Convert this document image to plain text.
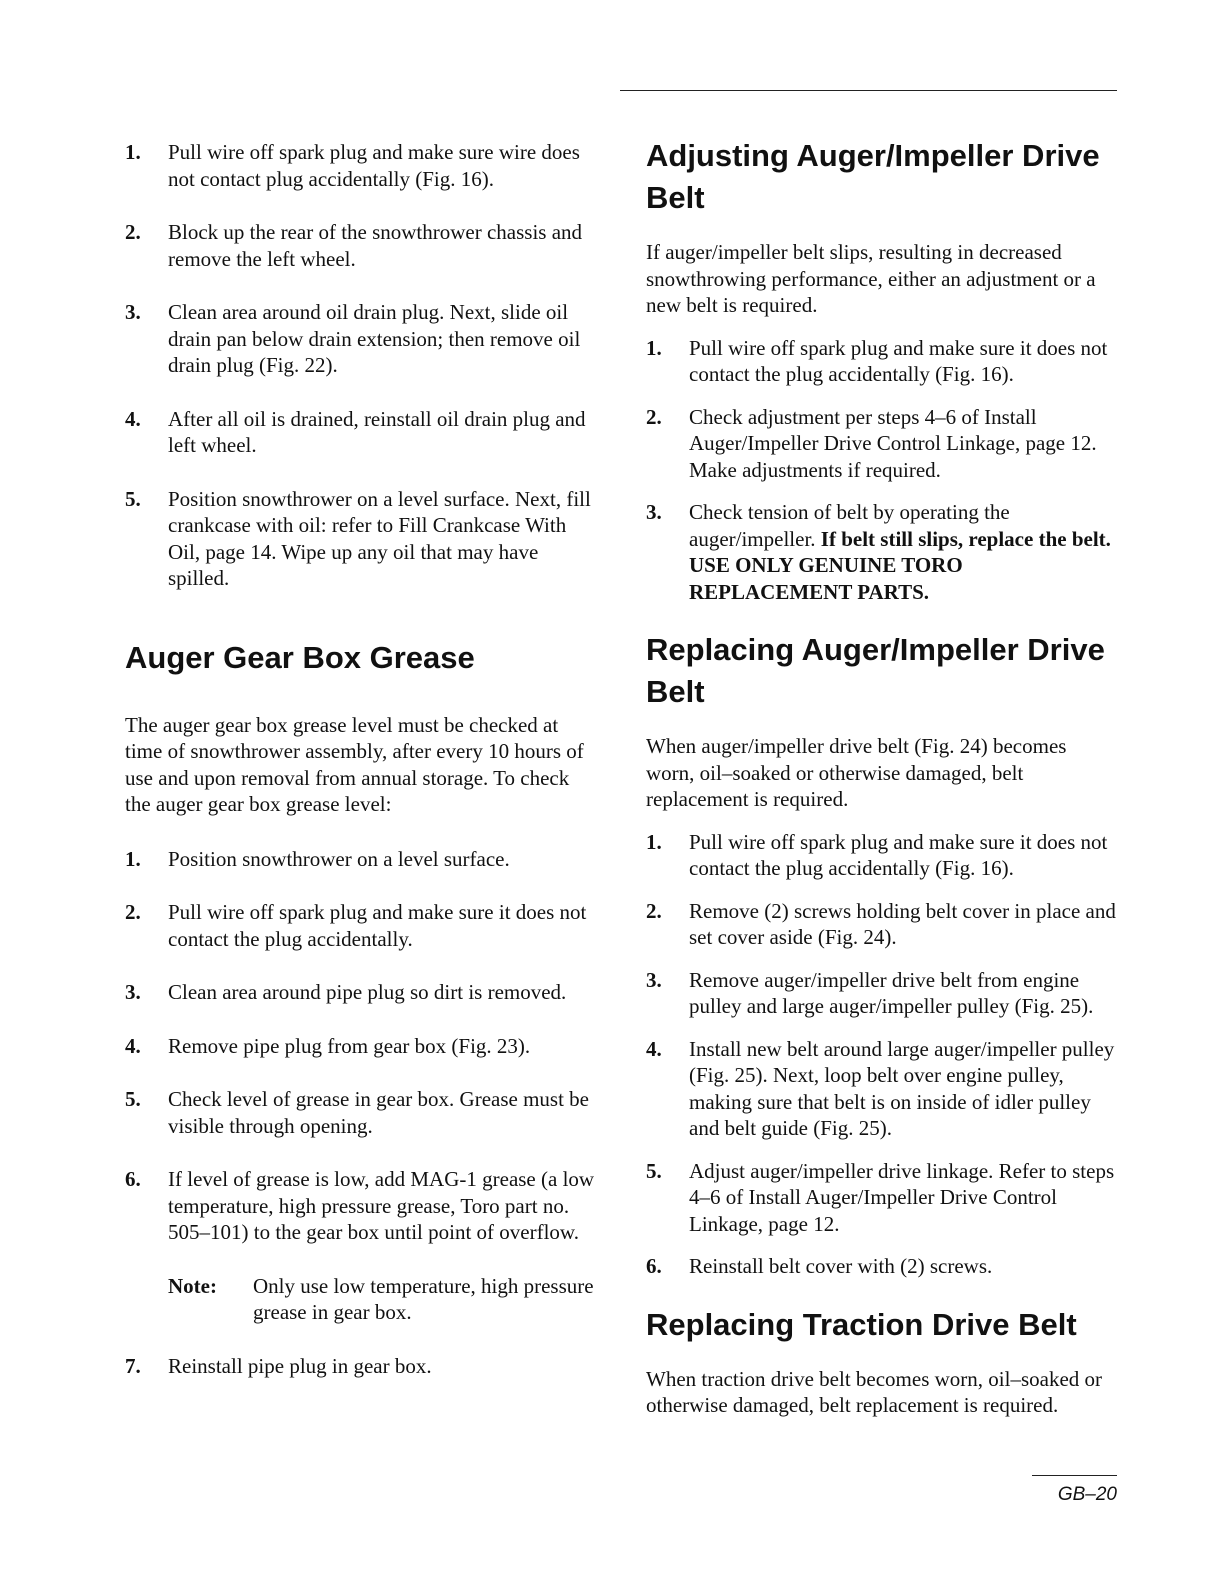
1.	Pull wire off spark plug and make sure wire does not contact plug accidentally (Fig. 16).
2.	Block up the rear of the snowthrower chassis and remove the left wheel.
3.	Clean area around oil drain plug. Next, slide oil drain pan below drain extension; then remove oil drain plug (Fig. 22).
4.	After all oil is drained, reinstall oil drain plug and left wheel.
5.	Position snowthrower on a level surface. Next, fill crankcase with oil: refer to Fill Crankcase With Oil, page 14. Wipe up any oil that may have spilled.
Auger Gear Box Grease

The auger gear box grease level must be checked at time of snowthrower assembly, after every 10 hours of use and upon removal from annual storage. To check the auger gear box grease level:

1.	Position snowthrower on a level surface.
2.	Pull wire off spark plug and make sure it does not contact the plug accidentally.
3.	Clean area around pipe plug so dirt is removed.
4.	Remove pipe plug from gear box (Fig. 23).
5.	Check level of grease in gear box. Grease must be visible through opening.
6.	If level of grease is low, add MAG-1 grease (a low temperature, high pressure grease, Toro part no. 505–101) to the gear box until point of overflow.
Note:	Only use low temperature, high pressure grease in gear box.
7.	Reinstall pipe plug in gear box.
Adjusting Auger/Impeller Drive Belt

If auger/impeller belt slips, resulting in decreased snowthrowing performance, either an adjustment or a new belt is required.

1.	Pull wire off spark plug and make sure it does not contact the plug accidentally (Fig. 16).
2.	Check adjustment per steps 4–6 of Install Auger/Impeller Drive Control Linkage, page 12. Make adjustments if required.
3.	Check tension of belt by operating the auger/impeller. If belt still slips, replace the belt. USE ONLY GENUINE TORO REPLACEMENT PARTS.
Replacing Auger/Impeller Drive Belt

When auger/impeller drive belt (Fig. 24) becomes worn, oil–soaked or otherwise damaged, belt replacement is required.

1.	Pull wire off spark plug and make sure it does not contact the plug accidentally (Fig. 16).
2.	Remove (2) screws holding belt cover in place and set cover aside (Fig. 24).
3.	Remove auger/impeller drive belt from engine pulley and large auger/impeller pulley (Fig. 25).
4.	Install new belt around large auger/impeller pulley (Fig. 25). Next, loop belt over engine pulley, making sure that belt is on inside of idler pulley and belt guide (Fig. 25).
5.	Adjust auger/impeller drive linkage. Refer to steps 4–6 of Install Auger/Impeller Drive Control Linkage, page 12.
6.	Reinstall belt cover with (2) screws.
Replacing Traction Drive Belt

When traction drive belt becomes worn, oil–soaked or otherwise damaged, belt replacement is required.

GB–20
